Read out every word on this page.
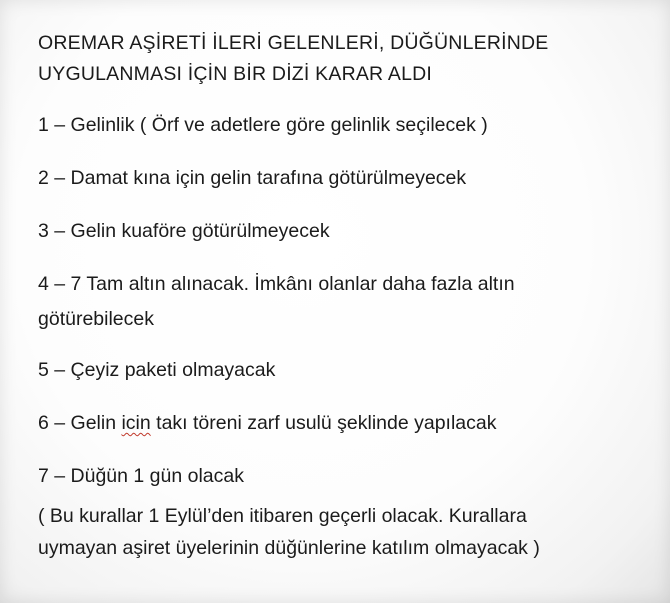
OREMAR AŞİRETİ İLERİ GELENLERİ, DÜĞÜNLERİNDE
UYGULANMASI İÇİN BİR DİZİ KARAR ALDI
1 – Gelinlik ( Örf ve adetlere göre gelinlik seçilecek )
2 – Damat kına için gelin tarafına götürülmeyecek
3 – Gelin kuaföre götürülmeyecek
4 – 7 Tam altın alınacak. İmkânı olanlar daha fazla altın
götürebilecek
5 – Çeyiz paketi olmayacak
6 – Gelin icin takı töreni zarf usulü şeklinde yapılacak
7 – Düğün 1 gün olacak
( Bu kurallar 1 Eylül’den itibaren geçerli olacak. Kurallara
uymayan aşiret üyelerinin düğünlerine katılım olmayacak )
